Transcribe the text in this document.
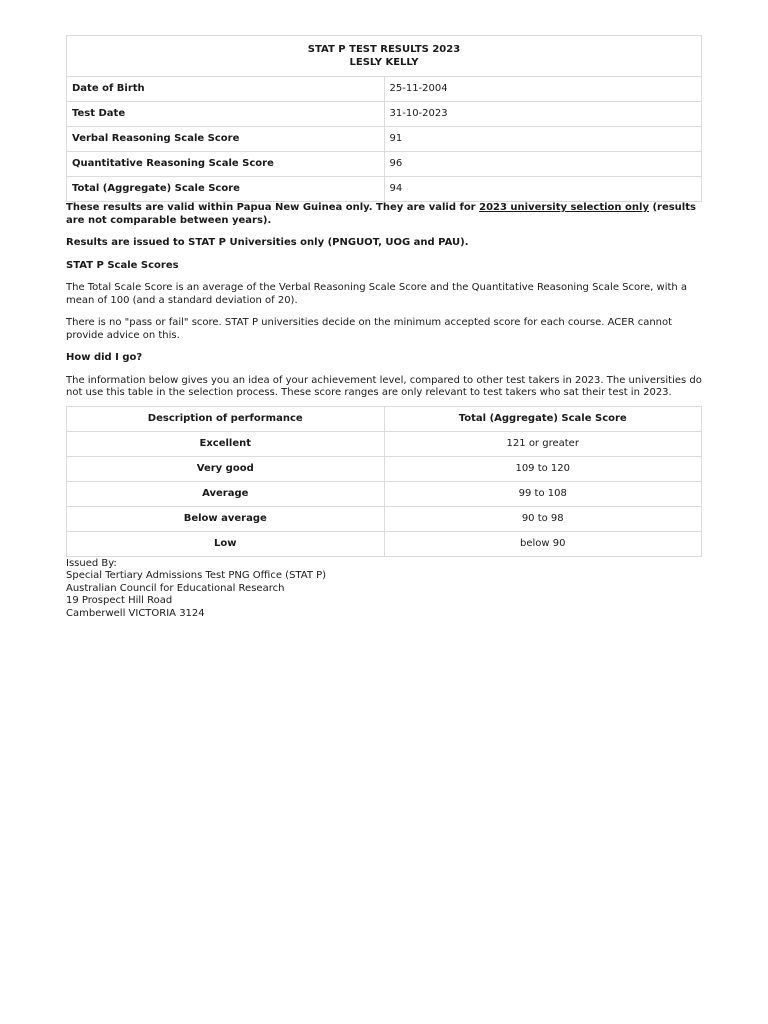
STAT P TEST RESULTS 2023
LESLY KELLY	

Date of Birth	25-11-2004
Test Date	31-10-2023
Verbal Reasoning Scale Score	91
Quantitative Reasoning Scale Score	96
Total (Aggregate) Scale Score	94

These results are valid within Papua New Guinea only. They are valid for 2023 university selection only (results are not comparable between years).

Results are issued to STAT P Universities only (PNGUOT, UOG and PAU).

STAT P Scale Scores

The Total Scale Score is an average of the Verbal Reasoning Scale Score and the Quantitative Reasoning Scale Score, with a mean of 100 (and a standard deviation of 20).

There is no "pass or fail" score. STAT P universities decide on the minimum accepted score for each course. ACER cannot provide advice on this.

How did I go?

The information below gives you an idea of your achievement level, compared to other test takers in 2023. The universities do not use this table in the selection process. These score ranges are only relevant to test takers who sat their test in 2023.

Description of performance	Total (Aggregate) Scale Score
Excellent	121 or greater
Very good	109 to 120
Average	99 to 108
Below average	90 to 98
Low	below 90
Issued By:
Special Tertiary Admissions Test PNG Office (STAT P)
Australian Council for Educational Research
19 Prospect Hill Road
Camberwell VICTORIA 3124
